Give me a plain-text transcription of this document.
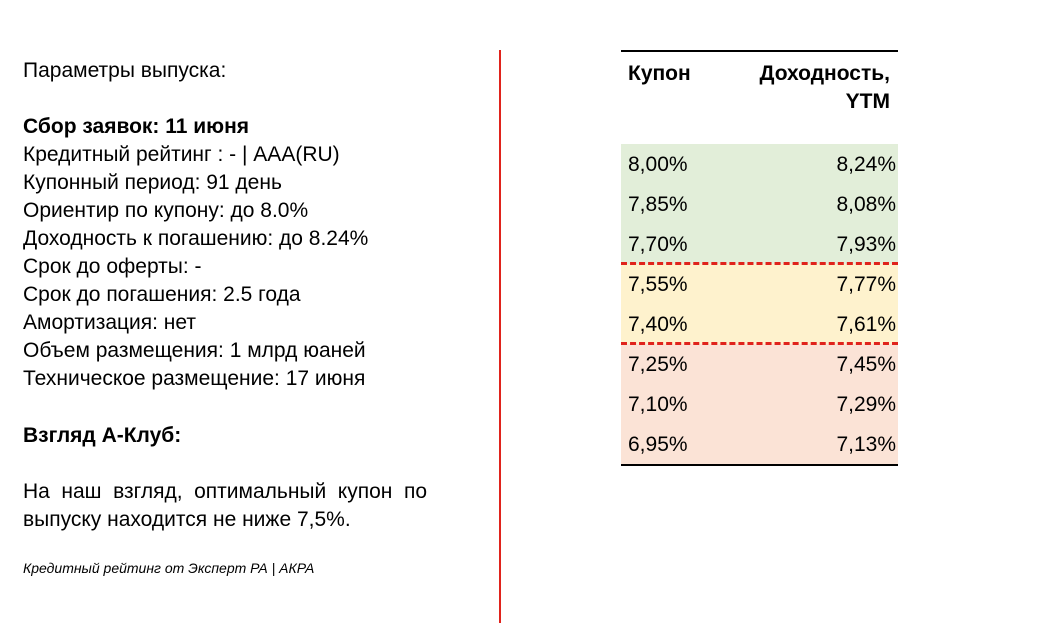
Параметры выпуска:
Сбор заявок: 11 июня
Кредитный рейтинг : - | AAA(RU)
Купонный период: 91 день
Ориентир по купону: до 8.0%
Доходность к погашению: до 8.24%
Срок до оферты: -
Срок до погашения: 2.5 года
Амортизация: нет
Объем размещения: 1 млрд юаней
Техническое размещение: 17 июня
Взгляд А-Клуб:
На наш взгляд, оптимальный купон по выпуску находится не ниже 7,5%.
Кредитный рейтинг от Эксперт РА | АКРА
Купон	Доходность,
YTM
8,00%	8,24%
7,85%	8,08%
7,70%	7,93%
7,55%	7,77%
7,40%	7,61%
7,25%	7,45%
7,10%	7,29%
6,95%	7,13%
